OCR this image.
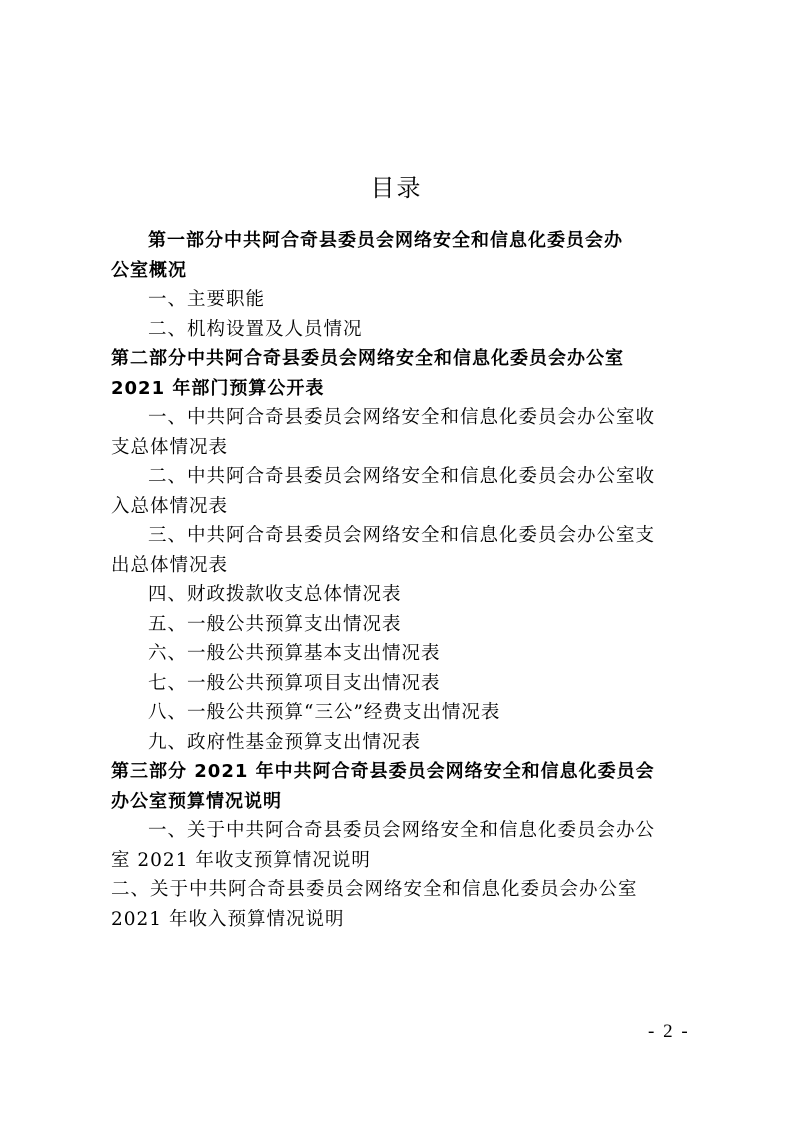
目录
第一部分中共阿合奇县委员会网络安全和信息化委员会办
公室概况
一、主要职能
二、机构设置及人员情况
第二部分中共阿合奇县委员会网络安全和信息化委员会办公室
2021 年部门预算公开表
一、中共阿合奇县委员会网络安全和信息化委员会办公室收
支总体情况表
二、中共阿合奇县委员会网络安全和信息化委员会办公室收
入总体情况表
三、中共阿合奇县委员会网络安全和信息化委员会办公室支
出总体情况表
四、财政拨款收支总体情况表
五、一般公共预算支出情况表
六、一般公共预算基本支出情况表
七、一般公共预算项目支出情况表
八、一般公共预算“三公”经费支出情况表
九、政府性基金预算支出情况表
第三部分 2021 年中共阿合奇县委员会网络安全和信息化委员会
办公室预算情况说明
一、关于中共阿合奇县委员会网络安全和信息化委员会办公
室 2021 年收支预算情况说明
二、关于中共阿合奇县委员会网络安全和信息化委员会办公室
2021 年收入预算情况说明
- 2 -
